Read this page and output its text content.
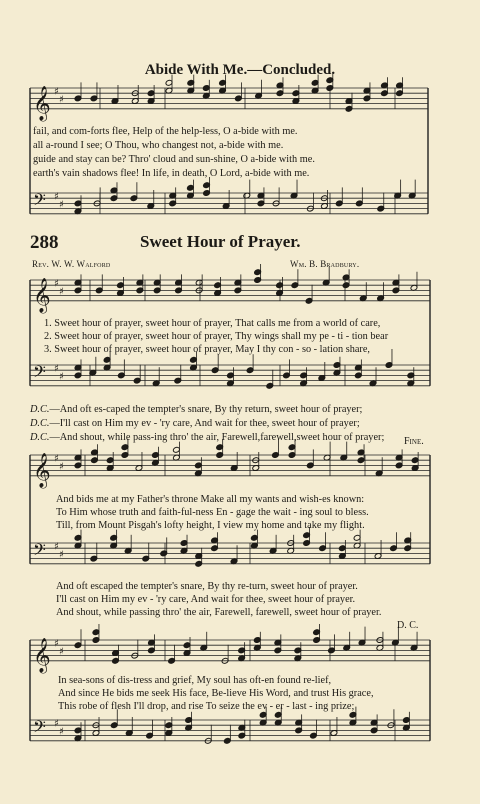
𝄞 ♯
♯
𝄢 ♯
♯
𝄞 ♯
♯
𝄢 ♯
♯
𝄞 ♯
♯
𝄢 ♯
♯
𝄞 ♯
♯
𝄢 ♯
♯
Abide With Me.—Concluded.
fail, and com-forts flee, Help of the help-less, O a-bide with me.
all a-round I see; O Thou, who changest not, a-bide with me.
guide and stay can be? Thro' cloud and sun-shine, O a-bide with me.
earth's vain shadows flee! In life, in death, O Lord, a-bide with me.
288	Sweet Hour of Prayer.
Rev. W. W. Walford	Wm. B. Bradbury.
1. Sweet hour of prayer, sweet hour of prayer, That calls me from a world of care,
2. Sweet hour of prayer, sweet hour of prayer, Thy wings shall my pe - ti - tion bear
3. Sweet hour of prayer, sweet hour of prayer, May I thy con - so - lation share,
D.C.—And oft es-caped the tempter's snare, By thy return, sweet hour of prayer;
D.C.—I'll cast on Him my ev - 'ry care, And wait for thee, sweet hour of prayer;
D.C.—And shout, while pass-ing thro' the air, Farewell,farewell,sweet hour of prayer; Fine.
And bids me at my Father's throne Make all my wants and wish-es known:
To Him whose truth and faith-ful-ness En - gage the wait - ing soul to bless.
Till, from Mount Pisgah's lofty height, I view my home and take my flight.
And oft escaped the tempter's snare, By thy re-turn, sweet hour of prayer.
I'll cast on Him my ev - 'ry care, And wait for thee, sweet hour of prayer.
And shout, while passing thro' the air, Farewell, farewell, sweet hour of prayer.
D. C.
In sea-sons of dis-tress and grief, My soul has oft-en found re-lief,
And since He bids me seek His face, Be-lieve His Word, and trust His grace,
This robe of flesh I'll drop, and rise To seize the ev - er - last - ing prize;
